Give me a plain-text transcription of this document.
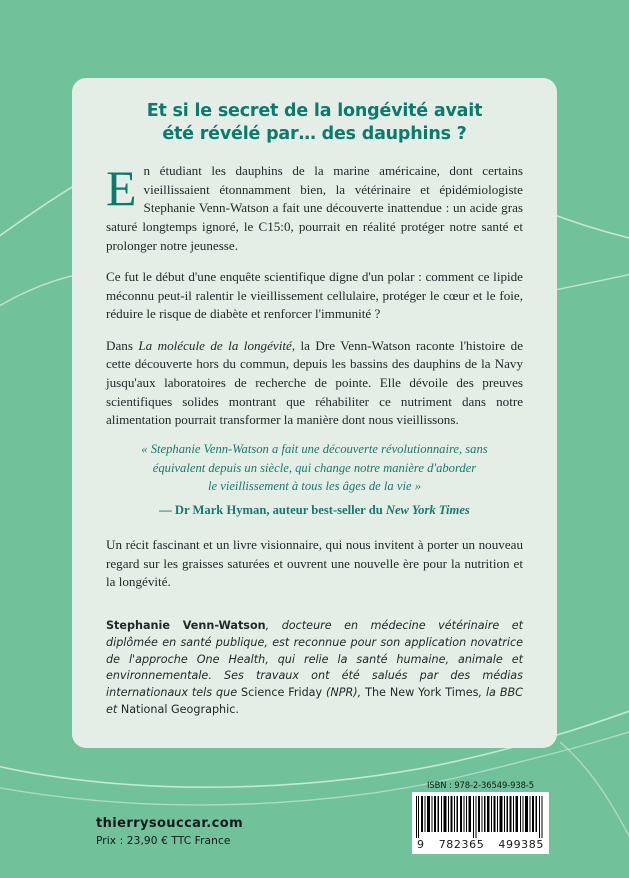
Et si le secret de la longévité avait
été révélé par… des dauphins ?

En étudiant les dauphins de la marine américaine, dont certains vieillissaient étonnamment bien, la vétérinaire et épidémiologiste Stephanie Venn-Watson a fait une découverte inattendue : un acide gras saturé longtemps ignoré, le C15:0, pourrait en réalité protéger notre santé et prolonger notre jeunesse.

Ce fut le début d'une enquête scientifique digne d'un polar : comment ce lipide méconnu peut-il ralentir le vieillissement cellulaire, protéger le cœur et le foie, réduire le risque de diabète et renforcer l'immunité ?

Dans La molécule de la longévité, la Dre Venn-Watson raconte l'histoire de cette découverte hors du commun, depuis les bassins des dauphins de la Navy jusqu'aux laboratoires de recherche de pointe. Elle dévoile des preuves scientifiques solides montrant que réhabiliter ce nutriment dans notre alimentation pourrait transformer la manière dont nous vieillissons.

« Stephanie Venn-Watson a fait une découverte révolutionnaire, sans
équivalent depuis un siècle, qui change notre manière d'aborder
le vieillissement à tous les âges de la vie »
— Dr Mark Hyman, auteur best-seller du New York Times
Un récit fascinant et un livre visionnaire, qui nous invitent à porter un nouveau regard sur les graisses saturées et ouvrent une nouvelle ère pour la nutrition et la longévité.
Stephanie Venn-Watson, docteure en médecine vétérinaire et diplômée en santé publique, est reconnue pour son application novatrice de l'approche One Health, qui relie la santé humaine, animale et environnementale. Ses travaux ont été salués par des médias internationaux tels que Science Friday (NPR), The New York Times, la BBC et National Geographic.
thierrysouccar.com
Prix : 23,90 € TTC France
ISBN : 978-2-36549-938-5
9 782365 499385
